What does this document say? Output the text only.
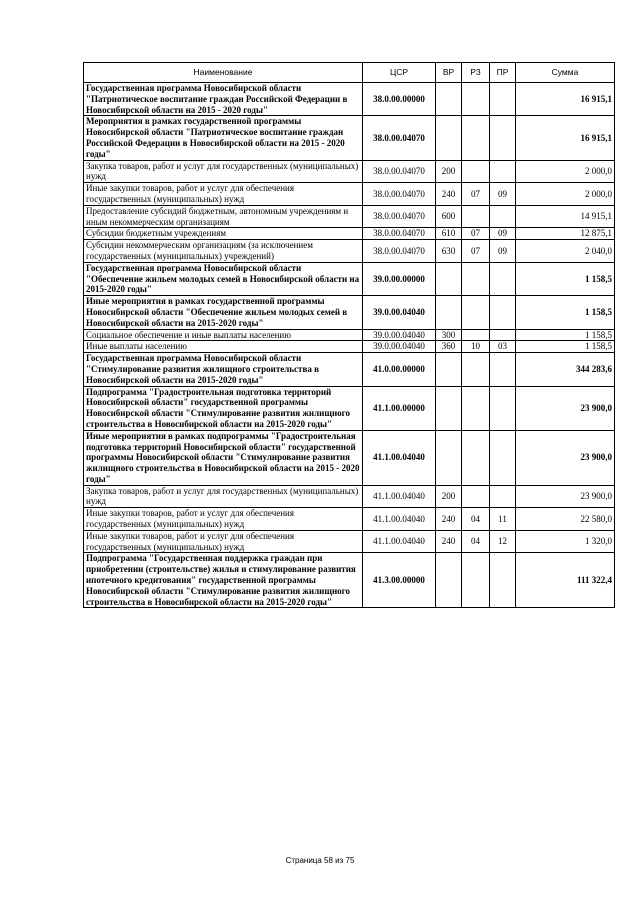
Наименование	ЦСР	ВР	РЗ	ПР	Сумма
Государственная программа Новосибирской области "Патриотическое воспитание граждан Российской Федерации в Новосибирской области на 2015 - 2020 годы"	38.0.00.00000				16 915,1
Мероприятия в рамках государственной программы Новосибирской области "Патриотическое воспитание граждан Российской Федерации в Новосибирской области на 2015 - 2020 годы"	38.0.00.04070				16 915,1
Закупка товаров, работ и услуг для государственных (муниципальных) нужд	38.0.00.04070	200			2 000,0
Иные закупки товаров, работ и услуг для обеспечения государственных (муниципальных) нужд	38.0.00.04070	240	07	09	2 000,0
Предоставление субсидий бюджетным, автономным учреждениям и иным некоммерческим организациям	38.0.00.04070	600			14 915,1
Субсидии бюджетным учреждениям	38.0.00.04070	610	07	09	12 875,1
Субсидии некоммерческим организациям (за исключением государственных (муниципальных) учреждений)	38.0.00.04070	630	07	09	2 040,0
Государственная программа Новосибирской области "Обеспечение жильем молодых семей в Новосибирской области на 2015-2020 годы"	39.0.00.00000				1 158,5
Иные мероприятия в рамках государственной программы Новосибирской области "Обеспечение жильем молодых семей в Новосибирской области на 2015-2020 годы"	39.0.00.04040				1 158,5
Социальное обеспечение и иные выплаты населению	39.0.00.04040	300			1 158,5
Иные выплаты населению	39.0.00.04040	360	10	03	1 158,5
Государственная программа Новосибирской области "Стимулирование развития жилищного строительства в Новосибирской области на 2015-2020 годы"	41.0.00.00000				344 283,6
Подпрограмма "Градостроительная подготовка территорий Новосибирской области" государственной программы Новосибирской области "Стимулирование развития жилищного строительства в Новосибирской области на 2015-2020 годы"	41.1.00.00000				23 900,0
Иные мероприятия в рамках подпрограммы "Градостроительная подготовка территорий Новосибирской области" государственной программы Новосибирской области "Стимулирование развития жилищного строительства в Новосибирской области на 2015 - 2020 годы"	41.1.00.04040				23 900,0
Закупка товаров, работ и услуг для государственных (муниципальных) нужд	41.1.00.04040	200			23 900,0
Иные закупки товаров, работ и услуг для обеспечения государственных (муниципальных) нужд	41.1.00.04040	240	04	11	22 580,0
Иные закупки товаров, работ и услуг для обеспечения государственных (муниципальных) нужд	41.1.00.04040	240	04	12	1 320,0
Подпрограмма "Государственная поддержка граждан при приобретении (строительстве) жилья и стимулирование развития ипотечного кредитования" государственной программы Новосибирской области "Стимулирование развития жилищного строительства в Новосибирской области на 2015-2020 годы"	41.3.00.00000				111 322,4
Страница 58 из 75
